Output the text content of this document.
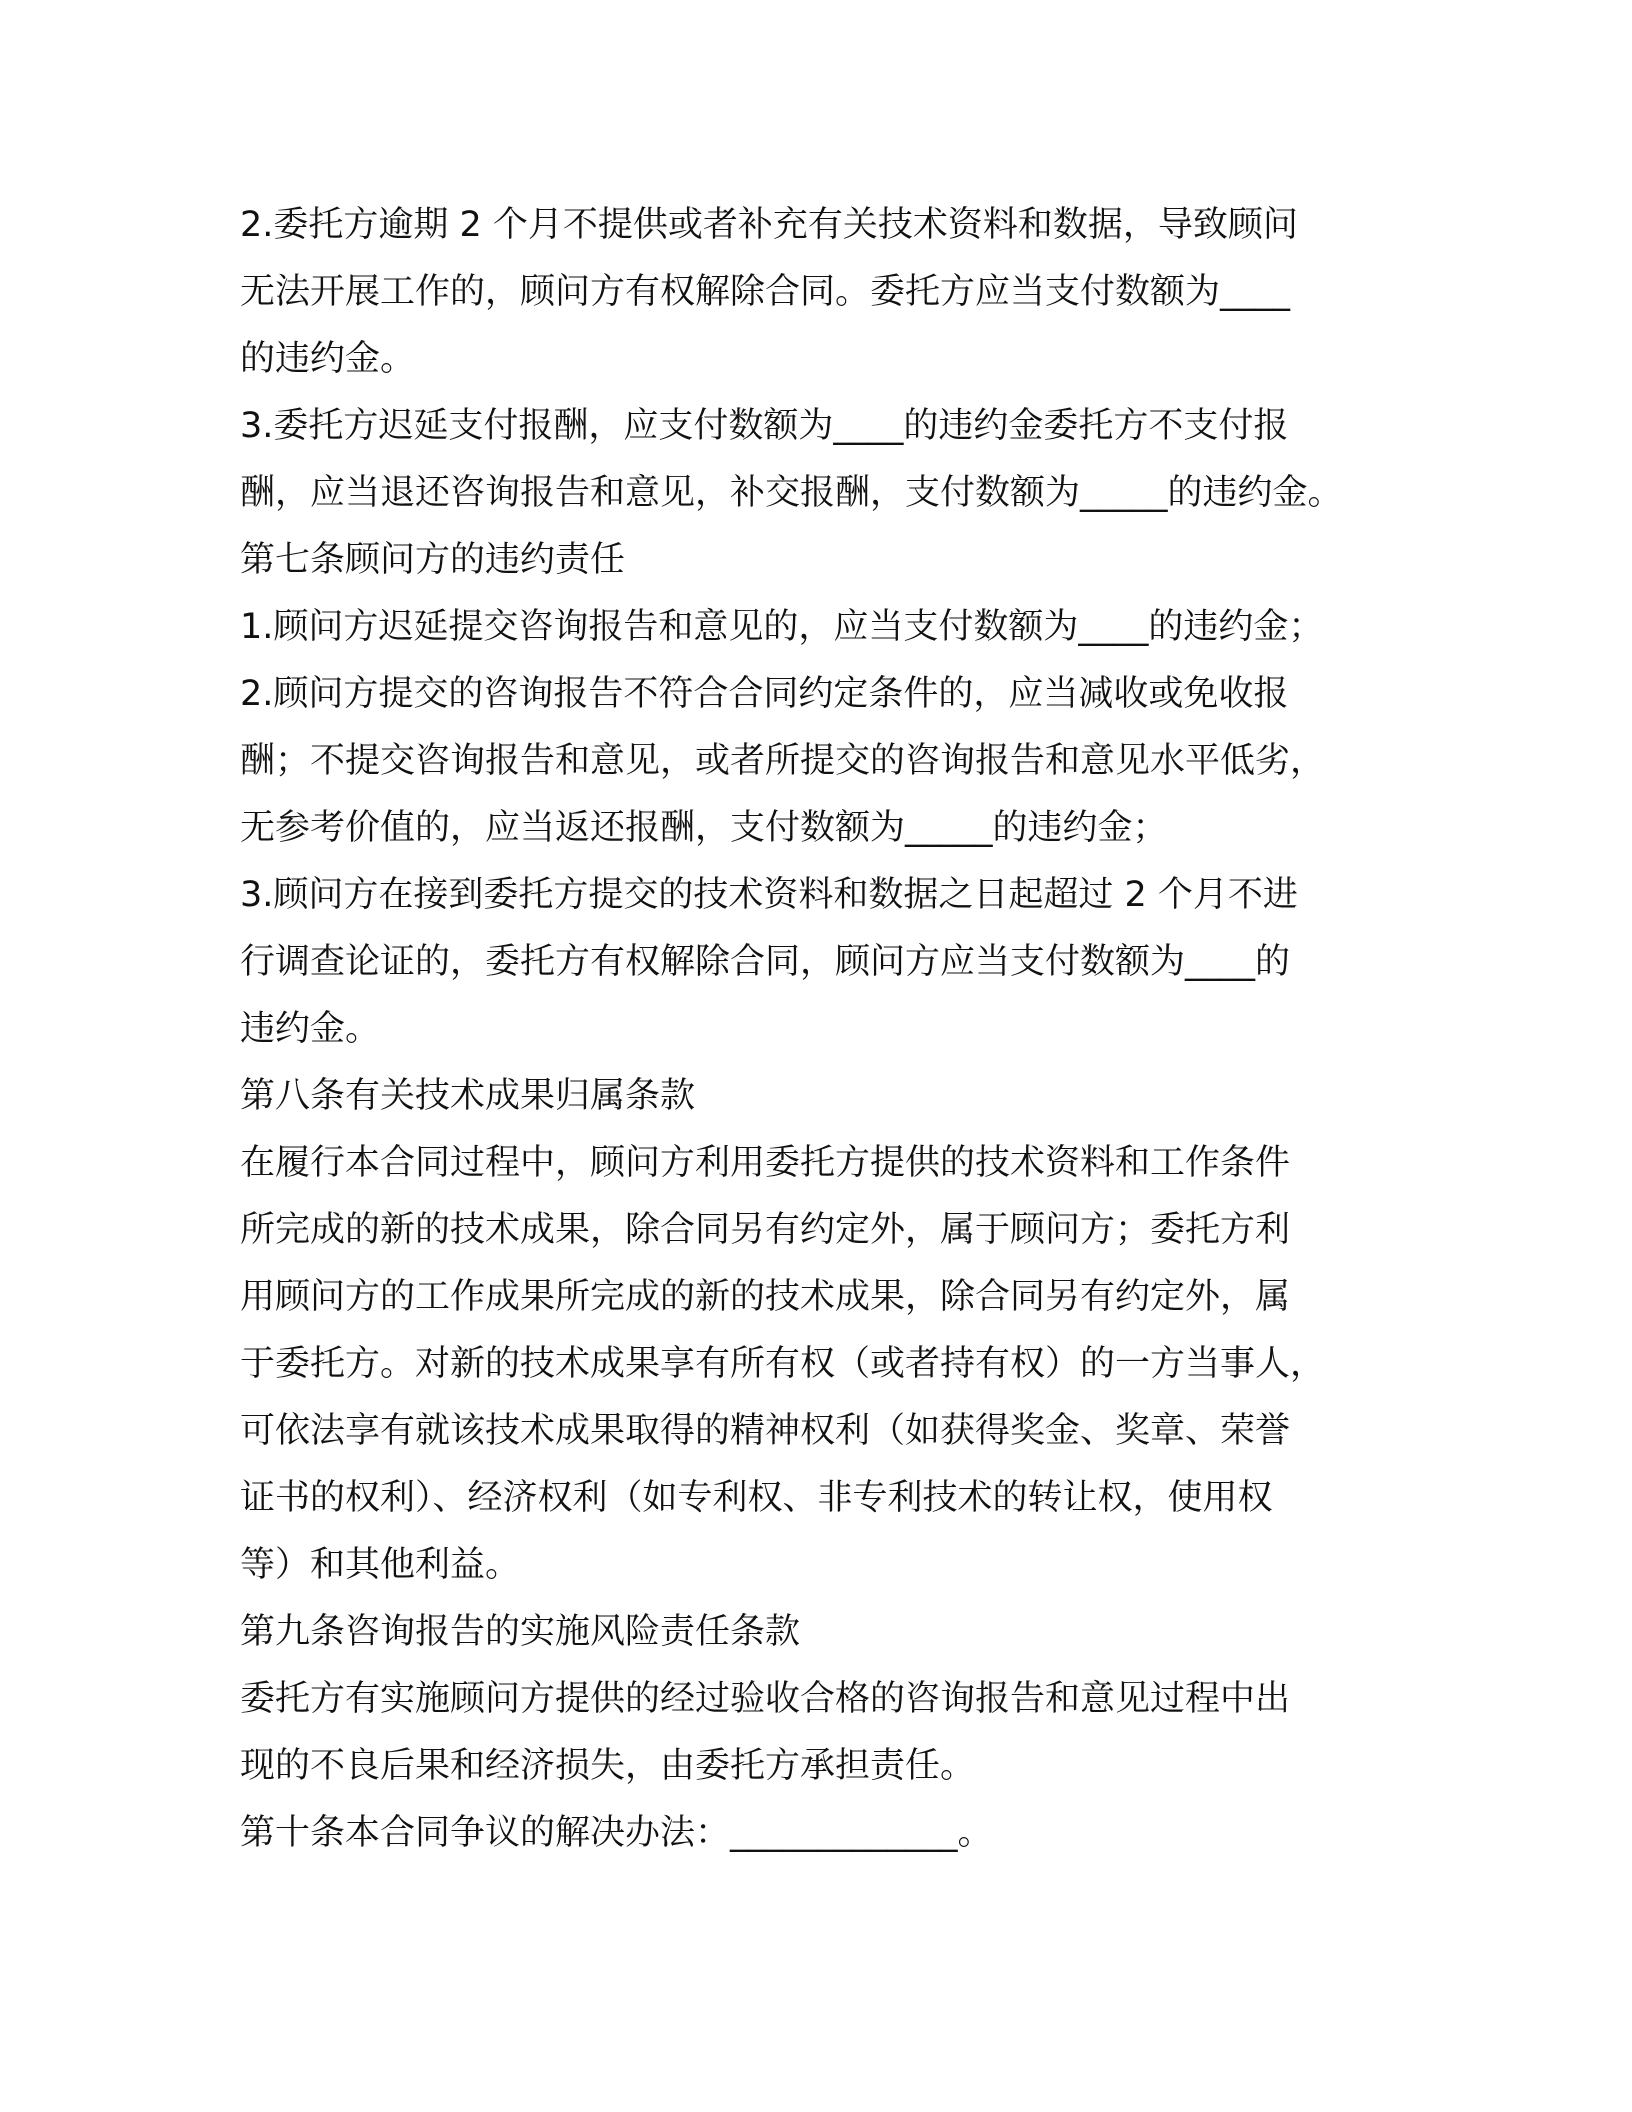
2.委托方逾期 2 个月不提供或者补充有关技术资料和数据，导致顾问
无法开展工作的，顾问方有权解除合同。委托方应当支付数额为____
的违约金。
3.委托方迟延支付报酬，应支付数额为____的违约金委托方不支付报
酬，应当退还咨询报告和意见，补交报酬，支付数额为_____的违约金。
第七条顾问方的违约责任
1.顾问方迟延提交咨询报告和意见的，应当支付数额为____的违约金；
2.顾问方提交的咨询报告不符合合同约定条件的，应当减收或免收报
酬；不提交咨询报告和意见，或者所提交的咨询报告和意见水平低劣，
无参考价值的，应当返还报酬，支付数额为_____的违约金；
3.顾问方在接到委托方提交的技术资料和数据之日起超过 2 个月不进
行调查论证的，委托方有权解除合同，顾问方应当支付数额为____的
违约金。
第八条有关技术成果归属条款
在履行本合同过程中，顾问方利用委托方提供的技术资料和工作条件
所完成的新的技术成果，除合同另有约定外，属于顾问方；委托方利
用顾问方的工作成果所完成的新的技术成果，除合同另有约定外，属
于委托方。对新的技术成果享有所有权（或者持有权）的一方当事人，
可依法享有就该技术成果取得的精神权利（如获得奖金、奖章、荣誉
证书的权利）、经济权利（如专利权、非专利技术的转让权，使用权
等）和其他利益。
第九条咨询报告的实施风险责任条款
委托方有实施顾问方提供的经过验收合格的咨询报告和意见过程中出
现的不良后果和经济损失，由委托方承担责任。
第十条本合同争议的解决办法：_____________。
